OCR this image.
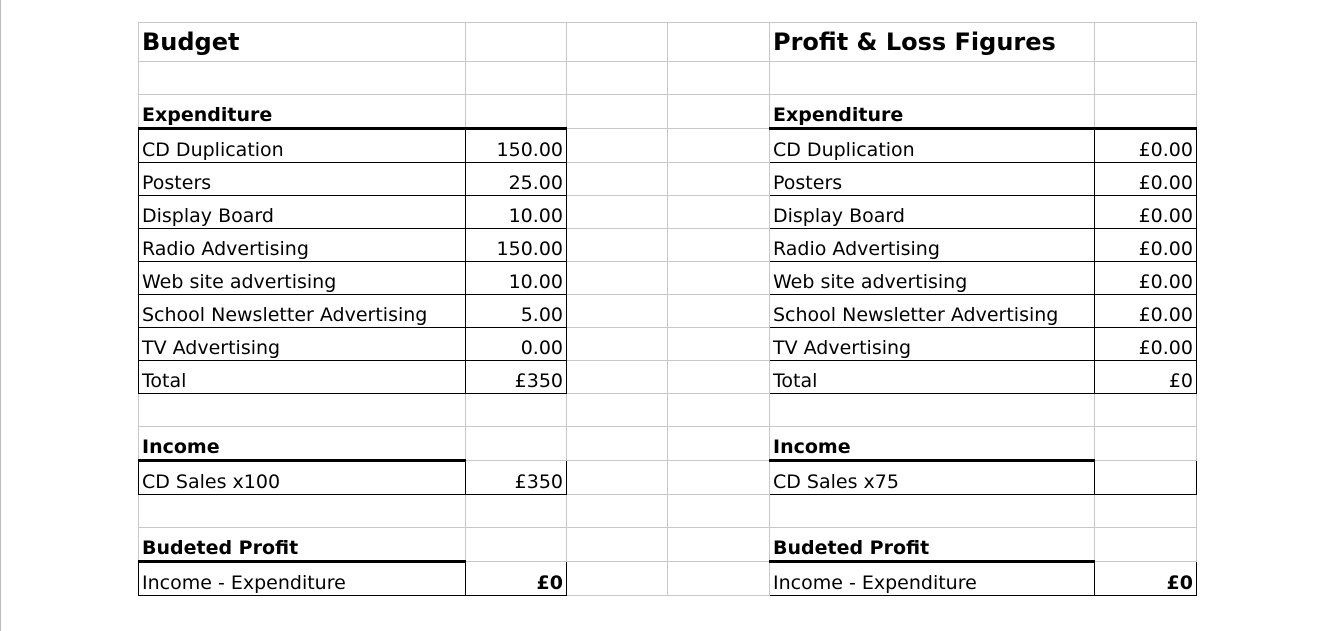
Budget				Profit & Loss Figures	

Expenditure				Expenditure	
CD Duplication	150.00			CD Duplication	£0.00
Posters	25.00			Posters	£0.00
Display Board	10.00			Display Board	£0.00
Radio Advertising	150.00			Radio Advertising	£0.00
Web site advertising	10.00			Web site advertising	£0.00
School Newsletter Advertising	5.00			School Newsletter Advertising	£0.00
TV Advertising	0.00			TV Advertising	£0.00
Total	£350			Total	£0

Income				Income	
CD Sales x100	£350			CD Sales x75	

Budeted Profit				Budeted Profit	
Income - Expenditure	£0			Income - Expenditure	£0
